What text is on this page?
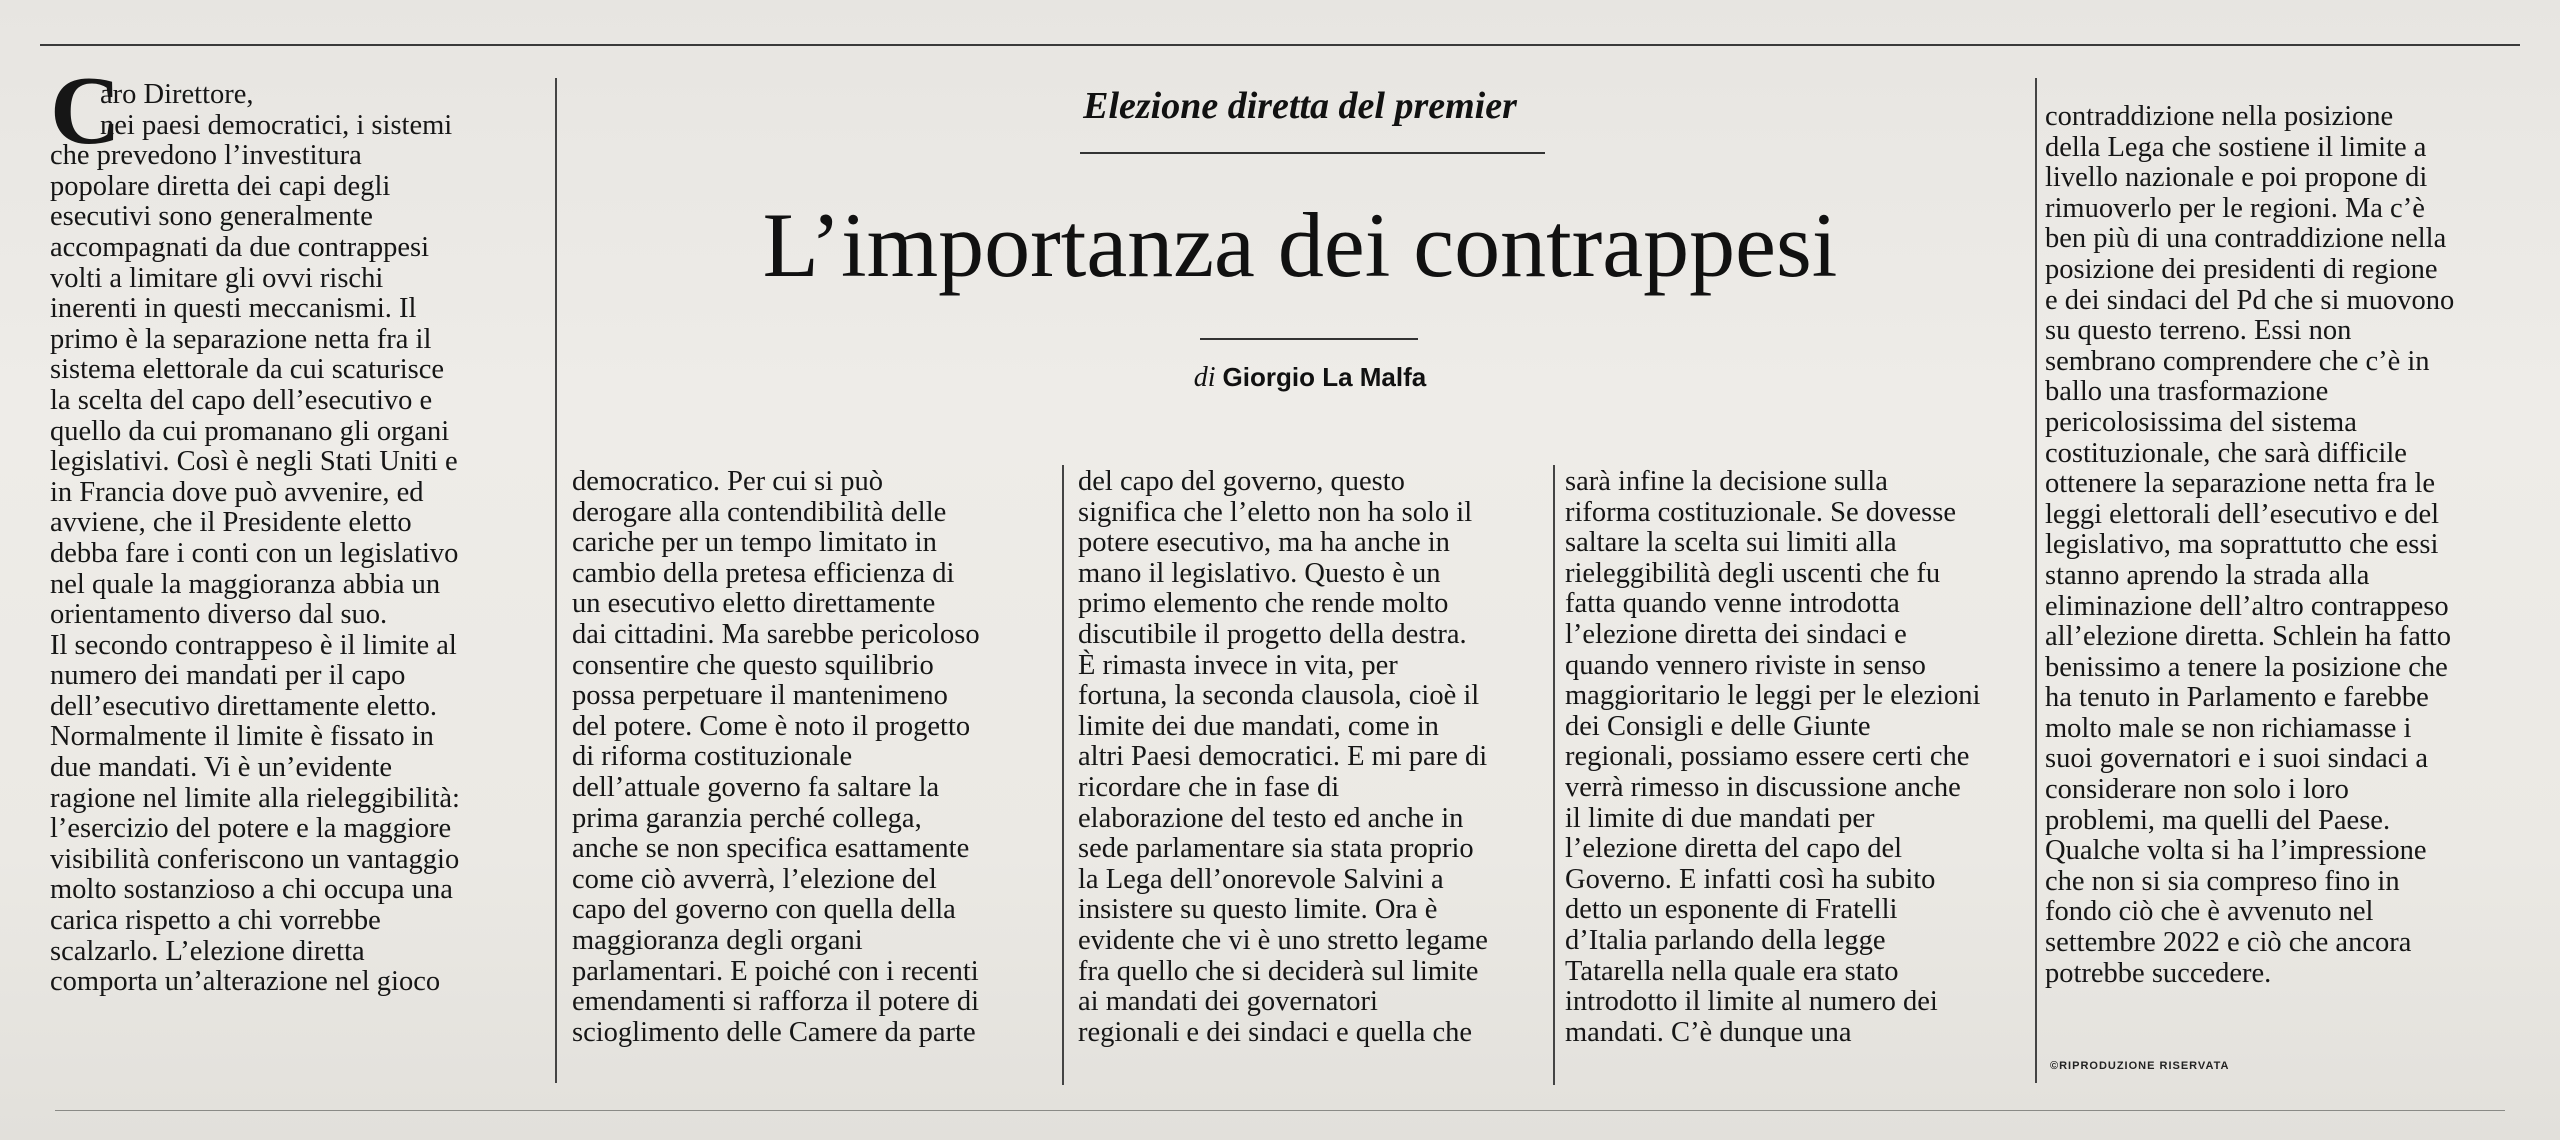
C
aro Direttore,
nei paesi democratici, i sistemi
che prevedono l’investitura
popolare diretta dei capi degli
esecutivi sono generalmente
accompagnati da due contrappesi
volti a limitare gli ovvi rischi
inerenti in questi meccanismi. Il
primo è la separazione netta fra il
sistema elettorale da cui scaturisce
la scelta del capo dell’esecutivo e
quello da cui promanano gli organi
legislativi. Così è negli Stati Uniti e
in Francia dove può avvenire, ed
avviene, che il Presidente eletto
debba fare i conti con un legislativo
nel quale la maggioranza abbia un
orientamento diverso dal suo.
Il secondo contrappeso è il limite al
numero dei mandati per il capo
dell’esecutivo direttamente eletto.
Normalmente il limite è fissato in
due mandati. Vi è un’evidente
ragione nel limite alla rieleggibilità:
l’esercizio del potere e la maggiore
visibilità conferiscono un vantaggio
molto sostanzioso a chi occupa una
carica rispetto a chi vorrebbe
scalzarlo. L’elezione diretta
comporta un’alterazione nel gioco
Elezione diretta del premier
L’importanza dei contrappesi
di Giorgio La Malfa
democratico. Per cui si può
derogare alla contendibilità delle
cariche per un tempo limitato in
cambio della pretesa efficienza di
un esecutivo eletto direttamente
dai cittadini. Ma sarebbe pericoloso
consentire che questo squilibrio
possa perpetuare il mantenimeno
del potere. Come è noto il progetto
di riforma costituzionale
dell’attuale governo fa saltare la
prima garanzia perché collega,
anche se non specifica esattamente
come ciò avverrà, l’elezione del
capo del governo con quella della
maggioranza degli organi
parlamentari. E poiché con i recenti
emendamenti si rafforza il potere di
scioglimento delle Camere da parte
del capo del governo, questo
significa che l’eletto non ha solo il
potere esecutivo, ma ha anche in
mano il legislativo. Questo è un
primo elemento che rende molto
discutibile il progetto della destra.
È rimasta invece in vita, per
fortuna, la seconda clausola, cioè il
limite dei due mandati, come in
altri Paesi democratici. E mi pare di
ricordare che in fase di
elaborazione del testo ed anche in
sede parlamentare sia stata proprio
la Lega dell’onorevole Salvini a
insistere su questo limite. Ora è
evidente che vi è uno stretto legame
fra quello che si deciderà sul limite
ai mandati dei governatori
regionali e dei sindaci e quella che
sarà infine la decisione sulla
riforma costituzionale. Se dovesse
saltare la scelta sui limiti alla
rieleggibilità degli uscenti che fu
fatta quando venne introdotta
l’elezione diretta dei sindaci e
quando vennero riviste in senso
maggioritario le leggi per le elezioni
dei Consigli e delle Giunte
regionali, possiamo essere certi che
verrà rimesso in discussione anche
il limite di due mandati per
l’elezione diretta del capo del
Governo. E infatti così ha subito
detto un esponente di Fratelli
d’Italia parlando della legge
Tatarella nella quale era stato
introdotto il limite al numero dei
mandati. C’è dunque una
contraddizione nella posizione
della Lega che sostiene il limite a
livello nazionale e poi propone di
rimuoverlo per le regioni. Ma c’è
ben più di una contraddizione nella
posizione dei presidenti di regione
e dei sindaci del Pd che si muovono
su questo terreno. Essi non
sembrano comprendere che c’è in
ballo una trasformazione
pericolosissima del sistema
costituzionale, che sarà difficile
ottenere la separazione netta fra le
leggi elettorali dell’esecutivo e del
legislativo, ma soprattutto che essi
stanno aprendo la strada alla
eliminazione dell’altro contrappeso
all’elezione diretta. Schlein ha fatto
benissimo a tenere la posizione che
ha tenuto in Parlamento e farebbe
molto male se non richiamasse i
suoi governatori e i suoi sindaci a
considerare non solo i loro
problemi, ma quelli del Paese.
Qualche volta si ha l’impressione
che non si sia compreso fino in
fondo ciò che è avvenuto nel
settembre 2022 e ciò che ancora
potrebbe succedere.
©RIPRODUZIONE RISERVATA
